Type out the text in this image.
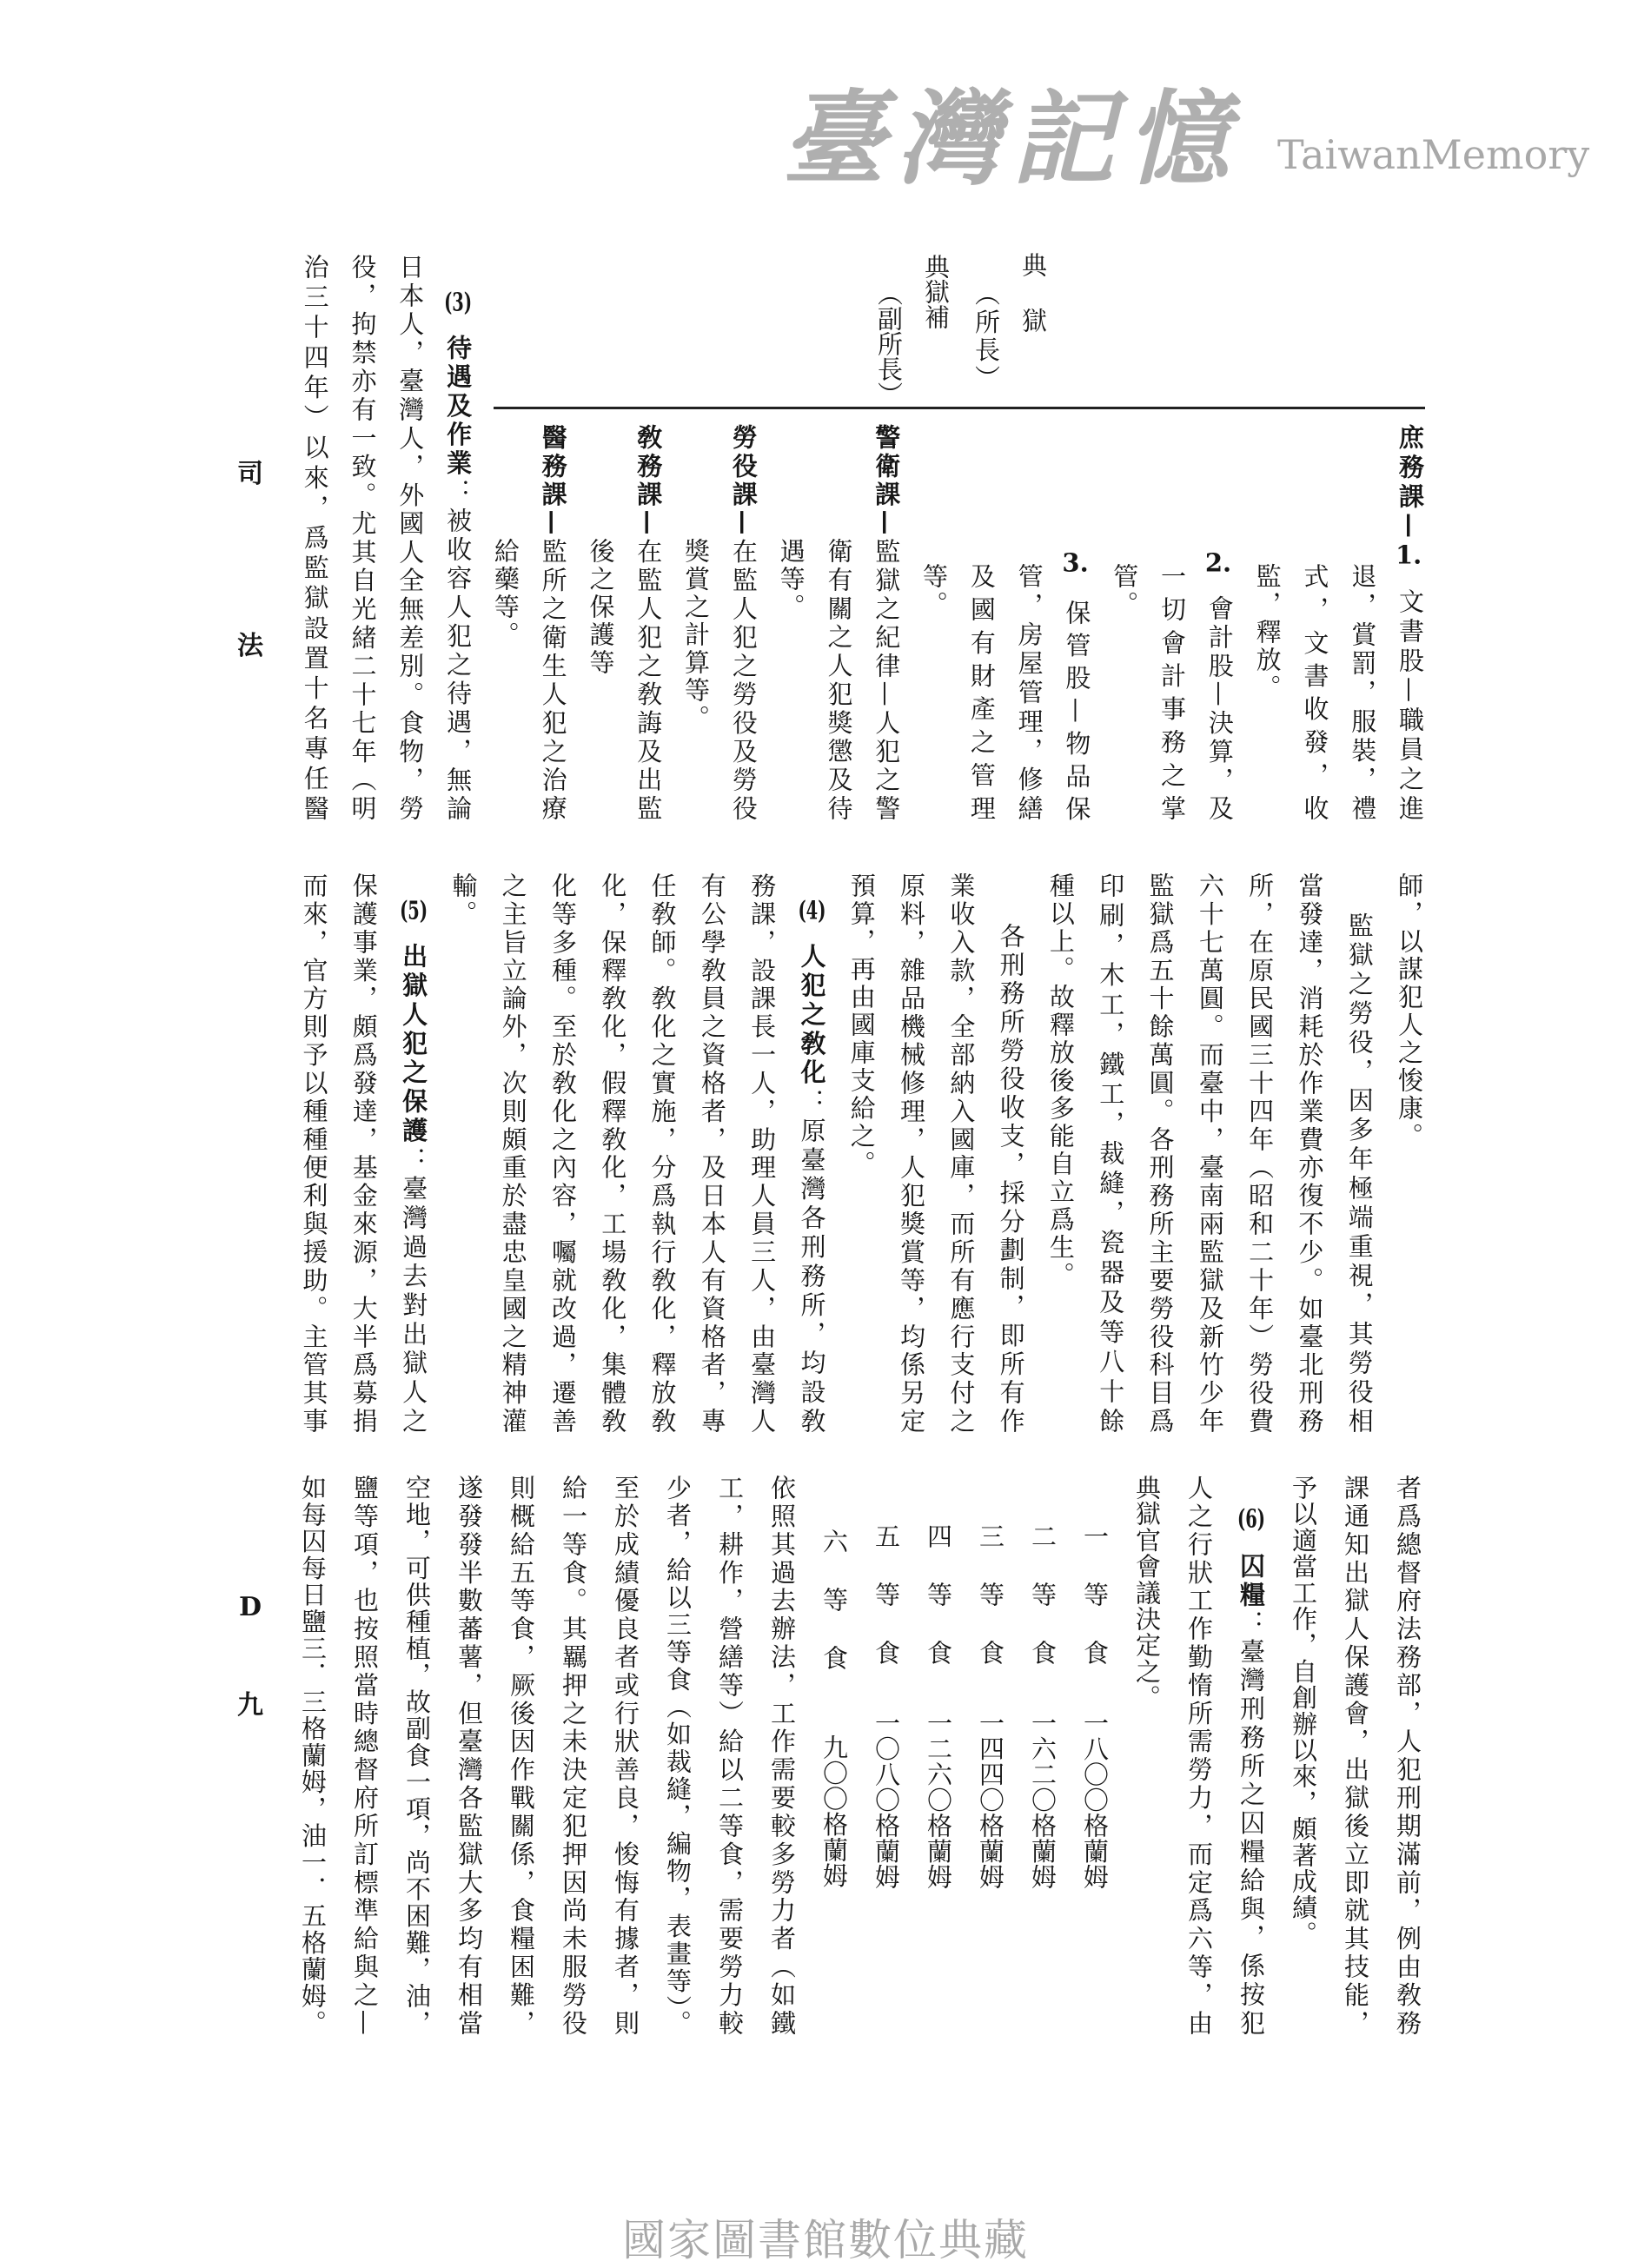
司
法
D
九
典獄
（所長）
典獄補
（副所長）
庶務課—1.文書股—職員之進
退，賞罰，服裝，禮
式，文書收發，收
監，釋放。
2.會計股—決算，及
一切會計事務之掌
管。
3.保管股—物品保
管，房屋管理，修繕
及國有財產之管理
等。
警衛課—監獄之紀律—人犯之警
衛有關之人犯獎懲及待
遇等。
勞役課—在監人犯之勞役及勞役
獎賞之計算等。
敎務課—在監人犯之敎誨及出監
後之保護等
醫務課—監所之衛生人犯之治療
給藥等。
(3)待遇及作業：被收容人犯之待遇，無論
日本人，臺灣人，外國人全無差別。食物，勞
役，拘禁亦有一致。尤其自光緒二十七年（明
治三十四年）以來，爲監獄設置十名專任醫
師，以謀犯人之悛康。
監獄之勞役，因多年極端重視，其勞役相
當發達，消耗於作業費亦復不少。如臺北刑務
所，在原民國三十四年（昭和二十年）勞役費
六十七萬圓。而臺中，臺南兩監獄及新竹少年
監獄爲五十餘萬圓。各刑務所主要勞役科目爲
印刷，木工，鐵工，裁縫，瓷器及等八十餘
種以上。故釋放後多能自立爲生。
各刑務所勞役收支，採分劃制，即所有作
業收入款，全部納入國庫，而所有應行支付之
原料，雜品機械修理，人犯獎賞等，均係另定
預算，再由國庫支給之。
(4)人犯之敎化：原臺灣各刑務所，均設敎
務課，設課長一人，助理人員三人，由臺灣人
有公學敎員之資格者，及日本人有資格者，專
任敎師。敎化之實施，分爲執行敎化，釋放敎
化，保釋敎化，假釋敎化，工場敎化，集體敎
化等多種。至於敎化之內容，囑就改過，遷善
之主旨立論外，次則頗重於盡忠皇國之精神灌
輸。
(5)出獄人犯之保護：臺灣過去對出獄人之
保護事業，頗爲發達，基金來源，大半爲募捐
而來，官方則予以種種便利與援助。主管其事
者爲總督府法務部，人犯刑期滿前，例由敎務
課通知出獄人保護會，出獄後立即就其技能，
予以適當工作，自創辦以來，頗著成績。
(6)囚糧：臺灣刑務所之囚糧給與，係按犯
人之行狀工作勤惰所需勞力，而定爲六等，由
典獄官會議決定之。
一等食一八〇〇格蘭姆
二等食一六二〇格蘭姆
三等食一四四〇格蘭姆
四等食一二六〇格蘭姆
五等食一〇八〇格蘭姆
六等食九〇〇格蘭姆
依照其過去辦法，工作需要較多勞力者（如鐵
工，耕作，營繕等）給以二等食，需要勞力較
少者，給以三等食（如裁縫，編物，表畫等）。
至於成績優良者或行狀善良，悛悔有據者，則
給一等食。其羈押之未決定犯押因尚未服勞役
則概給五等食，厥後因作戰關係，食糧困難，
遂發發半數蕃薯，但臺灣各監獄大多均有相當
空地，可供種植，故副食一項，尚不困難，油，
鹽等項，也按照當時總督府所訂標準給與之—
如每囚每日鹽三．三格蘭姆，油一．五格蘭姆。
臺灣記憶 TaiwanMemory
國家圖書館數位典藏
